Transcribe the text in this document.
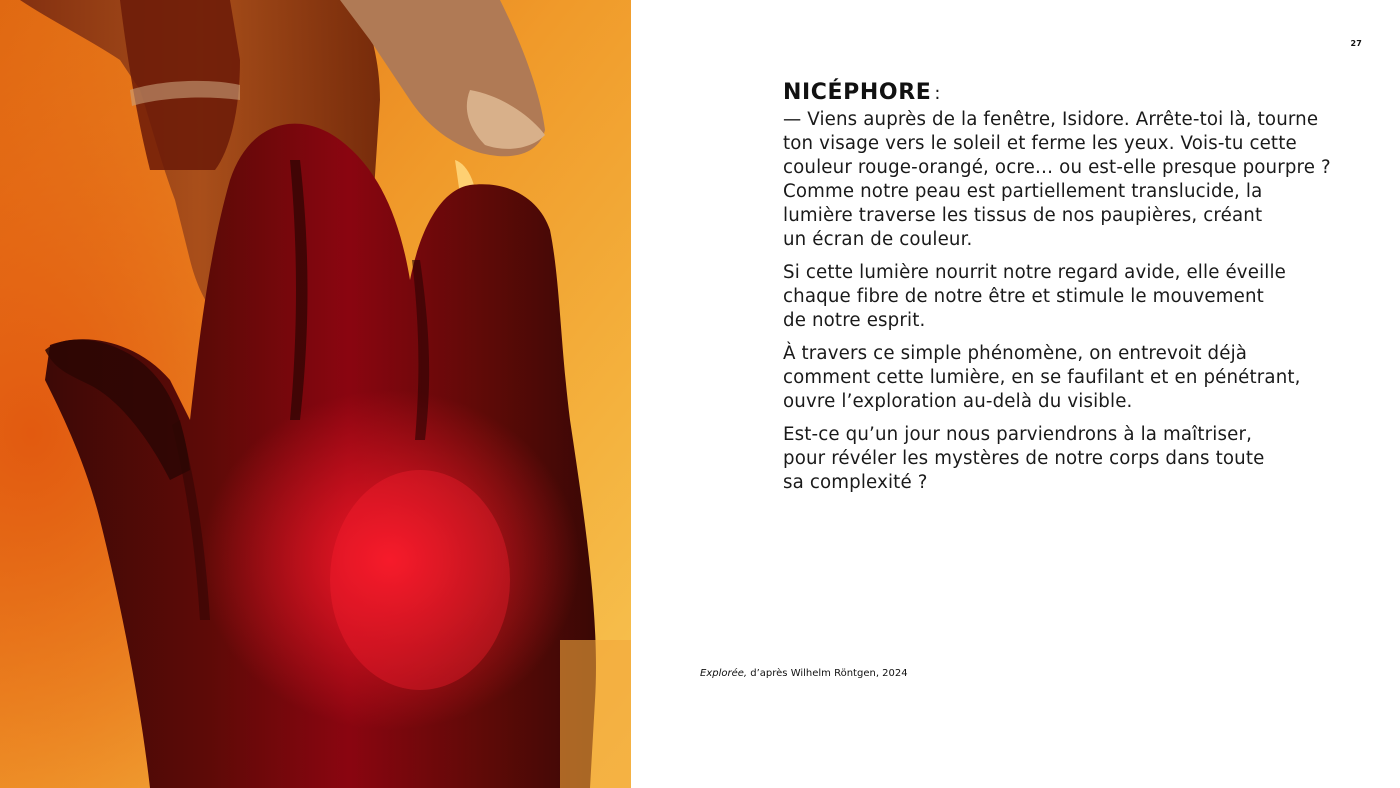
27

NICÉPHORE :

— Viens auprès de la fenêtre, Isidore. Arrête-toi là, tourne
ton visage vers le soleil et ferme les yeux. Vois-tu cette
couleur rouge-orangé, ocre… ou est-elle presque pourpre ?
Comme notre peau est partiellement translucide, la
lumière traverse les tissus de nos paupières, créant
un écran de couleur.
Si cette lumière nourrit notre regard avide, elle éveille
chaque fibre de notre être et stimule le mouvement
de notre esprit.
À travers ce simple phénomène, on entrevoit déjà
comment cette lumière, en se faufilant et en pénétrant,
ouvre l’exploration au-delà du visible.
Est-ce qu’un jour nous parviendrons à la maîtriser,
pour révéler les mystères de notre corps dans toute
sa complexité ?
Explorée, d’après Wilhelm Röntgen, 2024
